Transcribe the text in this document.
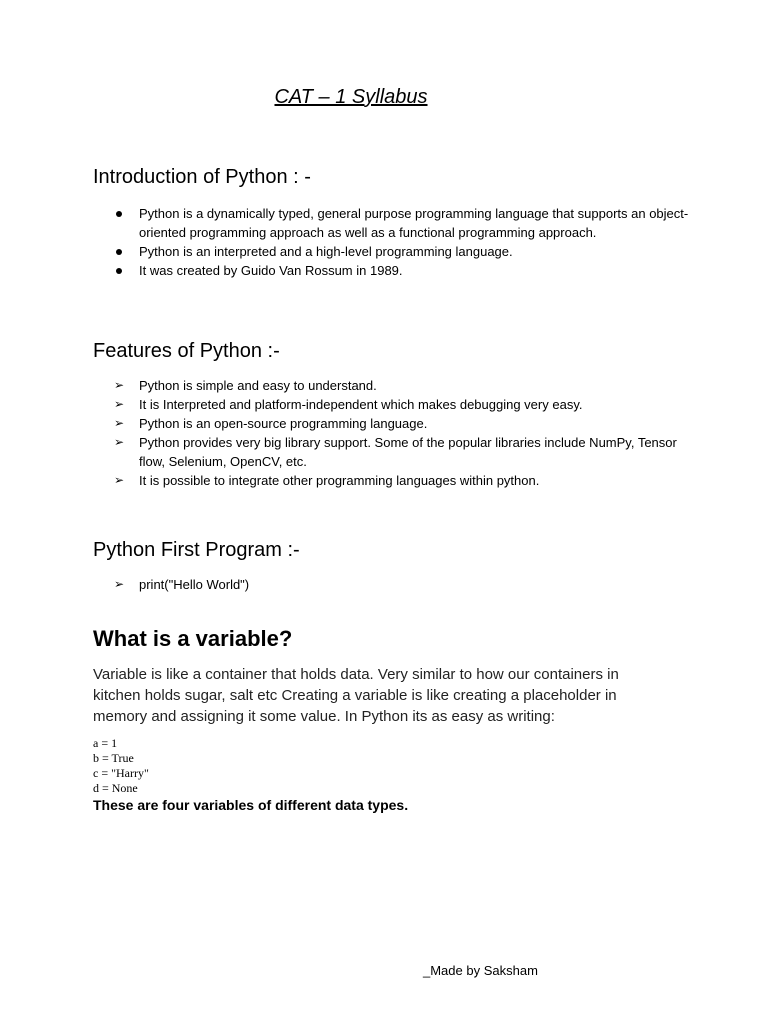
CAT – 1 Syllabus
Introduction of Python : -
Python is a dynamically typed, general purpose programming language that supports an object-oriented programming approach as well as a functional programming approach.
Python is an interpreted and a high-level programming language.
It was created by Guido Van Rossum in 1989.
Features of Python :-
➢ Python is simple and easy to understand.
➢ It is Interpreted and platform-independent which makes debugging very easy.
➢ Python is an open-source programming language.
➢ Python provides very big library support. Some of the popular libraries include NumPy, Tensor flow, Selenium, OpenCV, etc.
➢ It is possible to integrate other programming languages within python.
Python First Program :-
➢ print("Hello World")
What is a variable?
Variable is like a container that holds data. Very similar to how our containers in kitchen holds sugar, salt etc Creating a variable is like creating a placeholder in memory and assigning it some value. In Python its as easy as writing:
a = 1
b = True
c = "Harry"
d = None
These are four variables of different data types.
_Made by Saksham
